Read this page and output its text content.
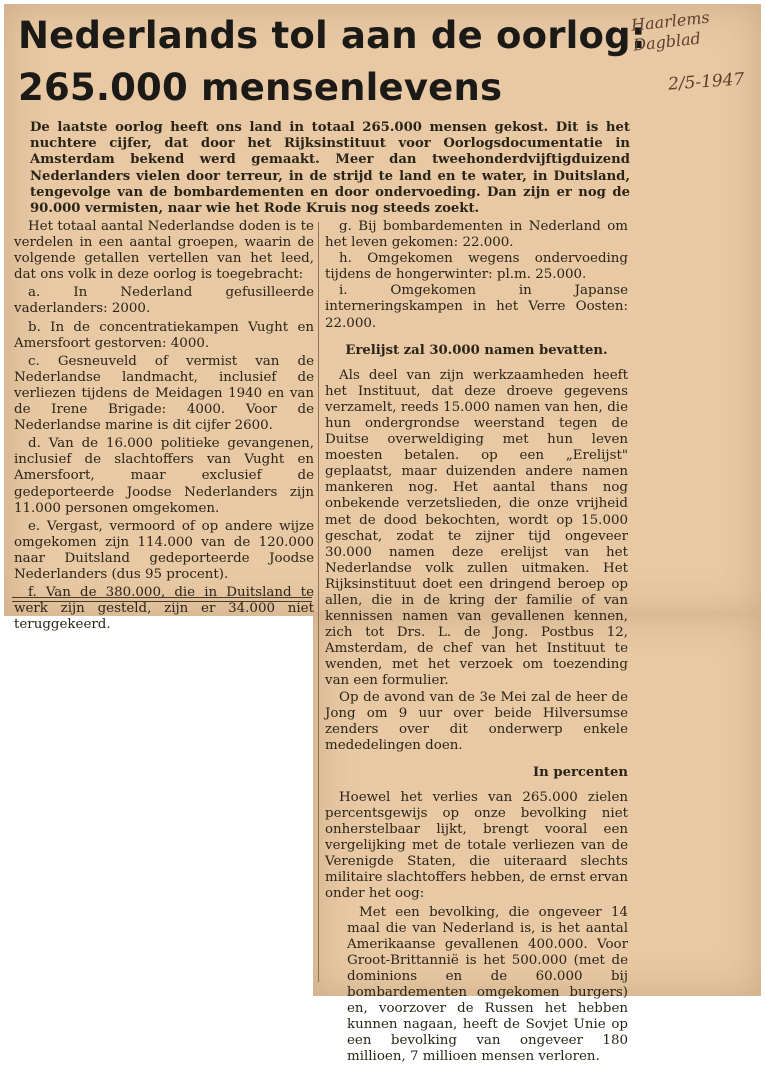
Nederlands tol aan de oorlog:
265.000 mensenlevens
Haarlems Dagblad
2/5-1947

De laatste oorlog heeft ons land in totaal 265.000 mensen gekost. Dit is het nuchtere cijfer, dat door het Rijksinstituut voor Oorlogsdocumentatie in Amsterdam bekend werd gemaakt. Meer dan tweehonderdvijftigduizend Nederlanders vielen door terreur, in de strijd te land en te water, in Duitsland, tengevolge van de bombardementen en door ondervoeding. Dan zijn er nog de 90.000 vermisten, naar wie het Rode Kruis nog steeds zoekt.

Het totaal aantal Nederlandse doden is te verdelen in een aantal groepen, waarin de volgende getallen vertellen van het leed, dat ons volk in deze oorlog is toegebracht:

a. In Nederland gefusilleerde vaderlanders: 2000.

b. In de concentratiekampen Vught en Amersfoort gestorven: 4000.

c. Gesneuveld of vermist van de Nederlandse landmacht, inclusief de verliezen tijdens de Meidagen 1940 en van de Irene Brigade: 4000. Voor de Nederlandse marine is dit cijfer 2600.

d. Van de 16.000 politieke gevangenen, inclusief de slachtoffers van Vught en Amersfoort, maar exclusief de gedeporteerde Joodse Nederlanders zijn 11.000 personen omgekomen.

e. Vergast, vermoord of op andere wijze omgekomen zijn 114.000 van de 120.000 naar Duitsland gedeporteerde Joodse Nederlanders (dus 95 procent).

f. Van de 380.000, die in Duitsland te werk zijn gesteld, zijn er 34.000 niet teruggekeerd.

g. Bij bombardementen in Nederland om het leven gekomen: 22.000.

h. Omgekomen wegens ondervoeding tijdens de hongerwinter: pl.m. 25.000.

i. Omgekomen in Japanse interneringskampen in het Verre Oosten: 22.000.

Erelijst zal 30.000 namen bevatten.

Als deel van zijn werkzaamheden heeft het Instituut, dat deze droeve gegevens verzamelt, reeds 15.000 namen van hen, die hun ondergrondse weerstand tegen de Duitse overweldiging met hun leven moesten betalen. op een „Erelijst" geplaatst, maar duizenden andere namen mankeren nog. Het aantal thans nog onbekende verzetslieden, die onze vrijheid met de dood bekochten, wordt op 15.000 geschat, zodat te zijner tijd ongeveer 30.000 namen deze erelijst van het Nederlandse volk zullen uitmaken. Het Rijksinstituut doet een dringend beroep op allen, die in de kring der familie of van kennissen namen van gevallenen kennen, zich tot Drs. L. de Jong. Postbus 12, Amsterdam, de chef van het Instituut te wenden, met het verzoek om toezending van een formulier.

Op de avond van de 3e Mei zal de heer de Jong om 9 uur over beide Hilversumse zenders over dit onderwerp enkele mededelingen doen.

In percenten

Hoewel het verlies van 265.000 zielen percentsgewijs op onze bevolking niet onherstelbaar lijkt, brengt vooral een vergelijking met de totale verliezen van de Verenigde Staten, die uiteraard slechts militaire slachtoffers hebben, de ernst ervan onder het oog:

Met een bevolking, die ongeveer 14 maal die van Nederland is, is het aantal Amerikaanse gevallenen 400.000. Voor Groot-Brittannië is het 500.000 (met de dominions en de 60.000 bij bombardementen omgekomen burgers) en, voorzover de Russen het hebben kunnen nagaan, heeft de Sovjet Unie op een bevolking van ongeveer 180 millioen, 7 millioen mensen verloren.
